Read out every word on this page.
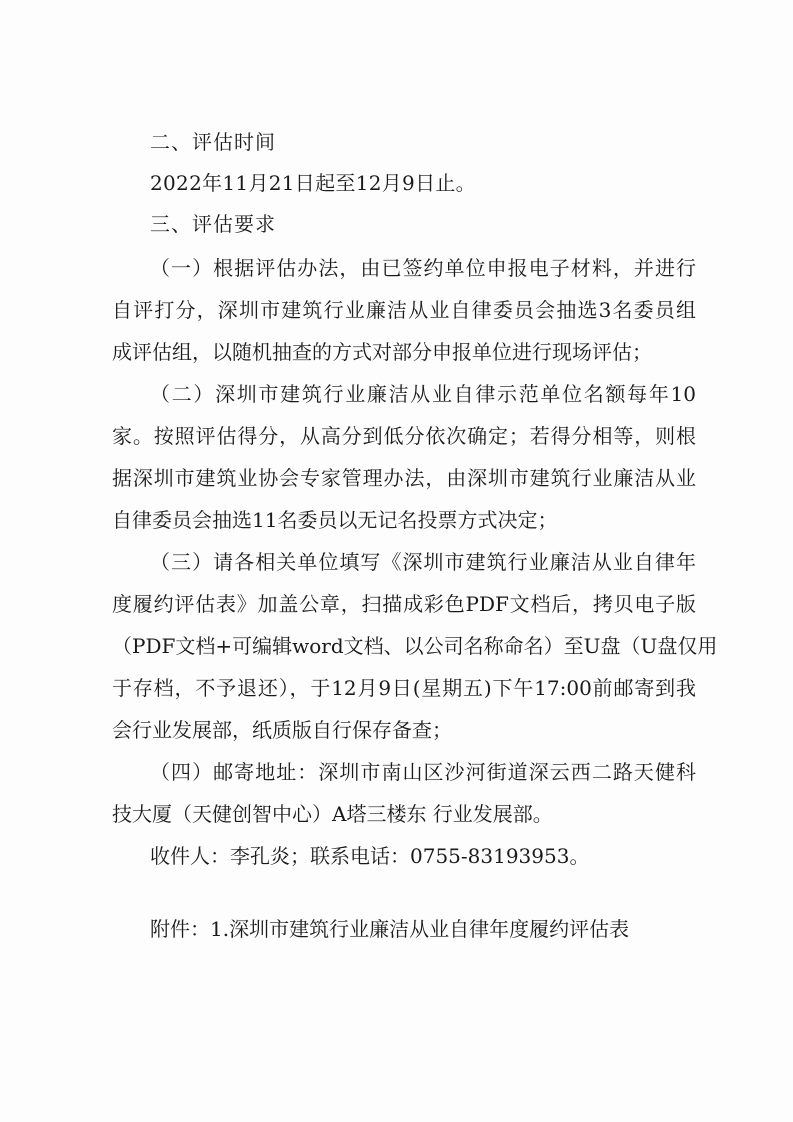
二、评估时间
2022年11月21日起至12月9日止。
三、评估要求
（一）根据评估办法，由已签约单位申报电子材料，并进行
自评打分，深圳市建筑行业廉洁从业自律委员会抽选3名委员组
成评估组，以随机抽查的方式对部分申报单位进行现场评估；
（二）深圳市建筑行业廉洁从业自律示范单位名额每年10
家。按照评估得分，从高分到低分依次确定；若得分相等，则根
据深圳市建筑业协会专家管理办法，由深圳市建筑行业廉洁从业
自律委员会抽选11名委员以无记名投票方式决定；
（三）请各相关单位填写《深圳市建筑行业廉洁从业自律年
度履约评估表》加盖公章，扫描成彩色PDF文档后，拷贝电子版
（PDF文档+可编辑word文档、以公司名称命名）至U盘（U盘仅用
于存档，不予退还），于12月9日(星期五)下午17:00前邮寄到我
会行业发展部，纸质版自行保存备查；
（四）邮寄地址：深圳市南山区沙河街道深云西二路天健科
技大厦（天健创智中心）A塔三楼东 行业发展部。
收件人：李孔炎；联系电话：0755-83193953。
附件：1.深圳市建筑行业廉洁从业自律年度履约评估表
